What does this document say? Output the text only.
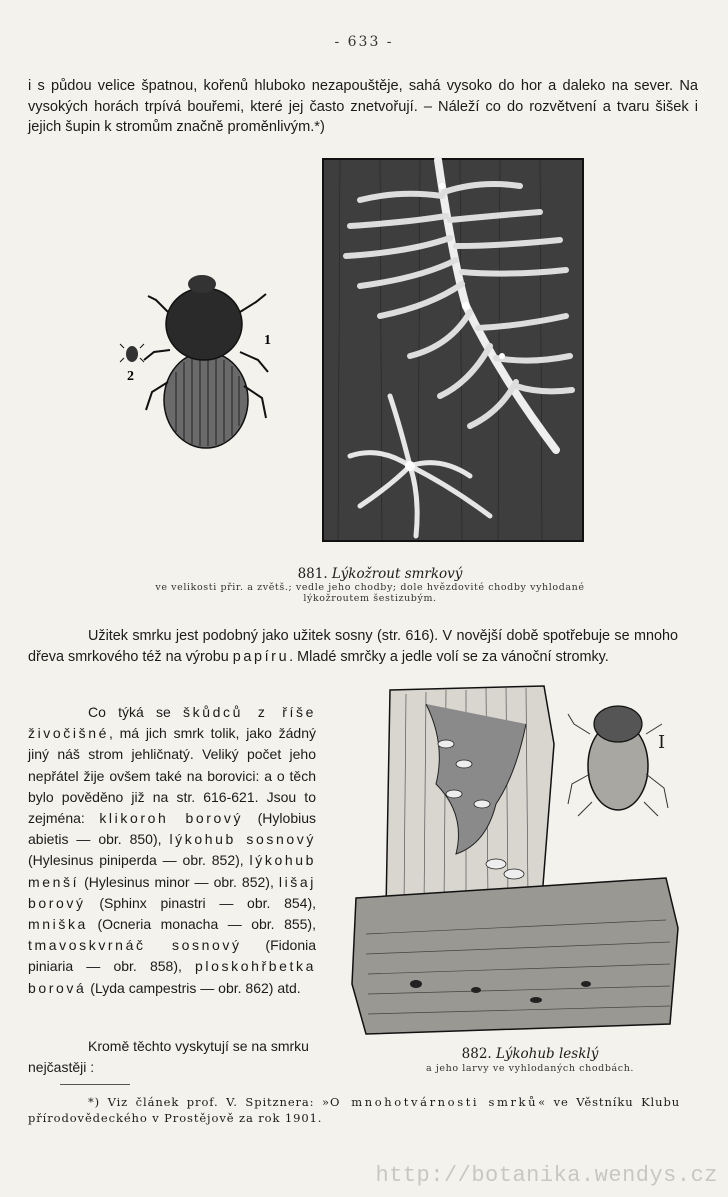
- 633 -
i s půdou velice špatnou, kořenů hluboko nezapouštěje, sahá vysoko do hor a daleko na sever. Na vysokých horách trpívá bouřemi, které jej často znetvořují. – Náleží co do rozvětvení a tvaru šišek i jejich šupin k stromům značně proměnlivým.*)
1
2
881. Lýkožrout smrkový
ve velikosti přir. a zvětš.; vedle jeho chodby; dole hvězdovité chodby vyhlodané
lýkožroutem šestizubým.
Užitek smrku jest podobný jako užitek sosny (str. 616). V novější době spotřebuje se mnoho dřeva smrkového též na výrobu papíru. Mladé smrčky a jedle volí se za vánoční stromky.
Co týká se škůdců z říše živočišné, má jich smrk tolik, jako žádný jiný náš strom jehličnatý. Veliký počet jeho nepřátel žije ovšem také na borovici: a o těch bylo pověděno již na str. 616-621. Jsou to zejména: klikoroh borový (Hylobius abietis — obr. 850), lýkohub sosnový (Hylesinus piniperda — obr. 852), lýkohub menší (Hylesinus minor — obr. 852), lišaj borový (Sphinx pinastri — obr. 854), mniška (Ocneria monacha — obr. 855), tmavoskvrnáč sosnový (Fidonia piniaria — obr. 858), ploskohřbetka borová (Lyda campestris — obr. 862) atd.
Kromě těchto vyskytují se na smrku nejčastěji :
I
882. Lýkohub lesklý
a jeho larvy ve vyhlodaných chodbách.
*) Viz článek prof. V. Spitznera: »O mnohotvárnosti smrků« ve Věstníku Klubu přírodovědeckého v Prostějově za rok 1901.
http://botanika.wendys.cz
